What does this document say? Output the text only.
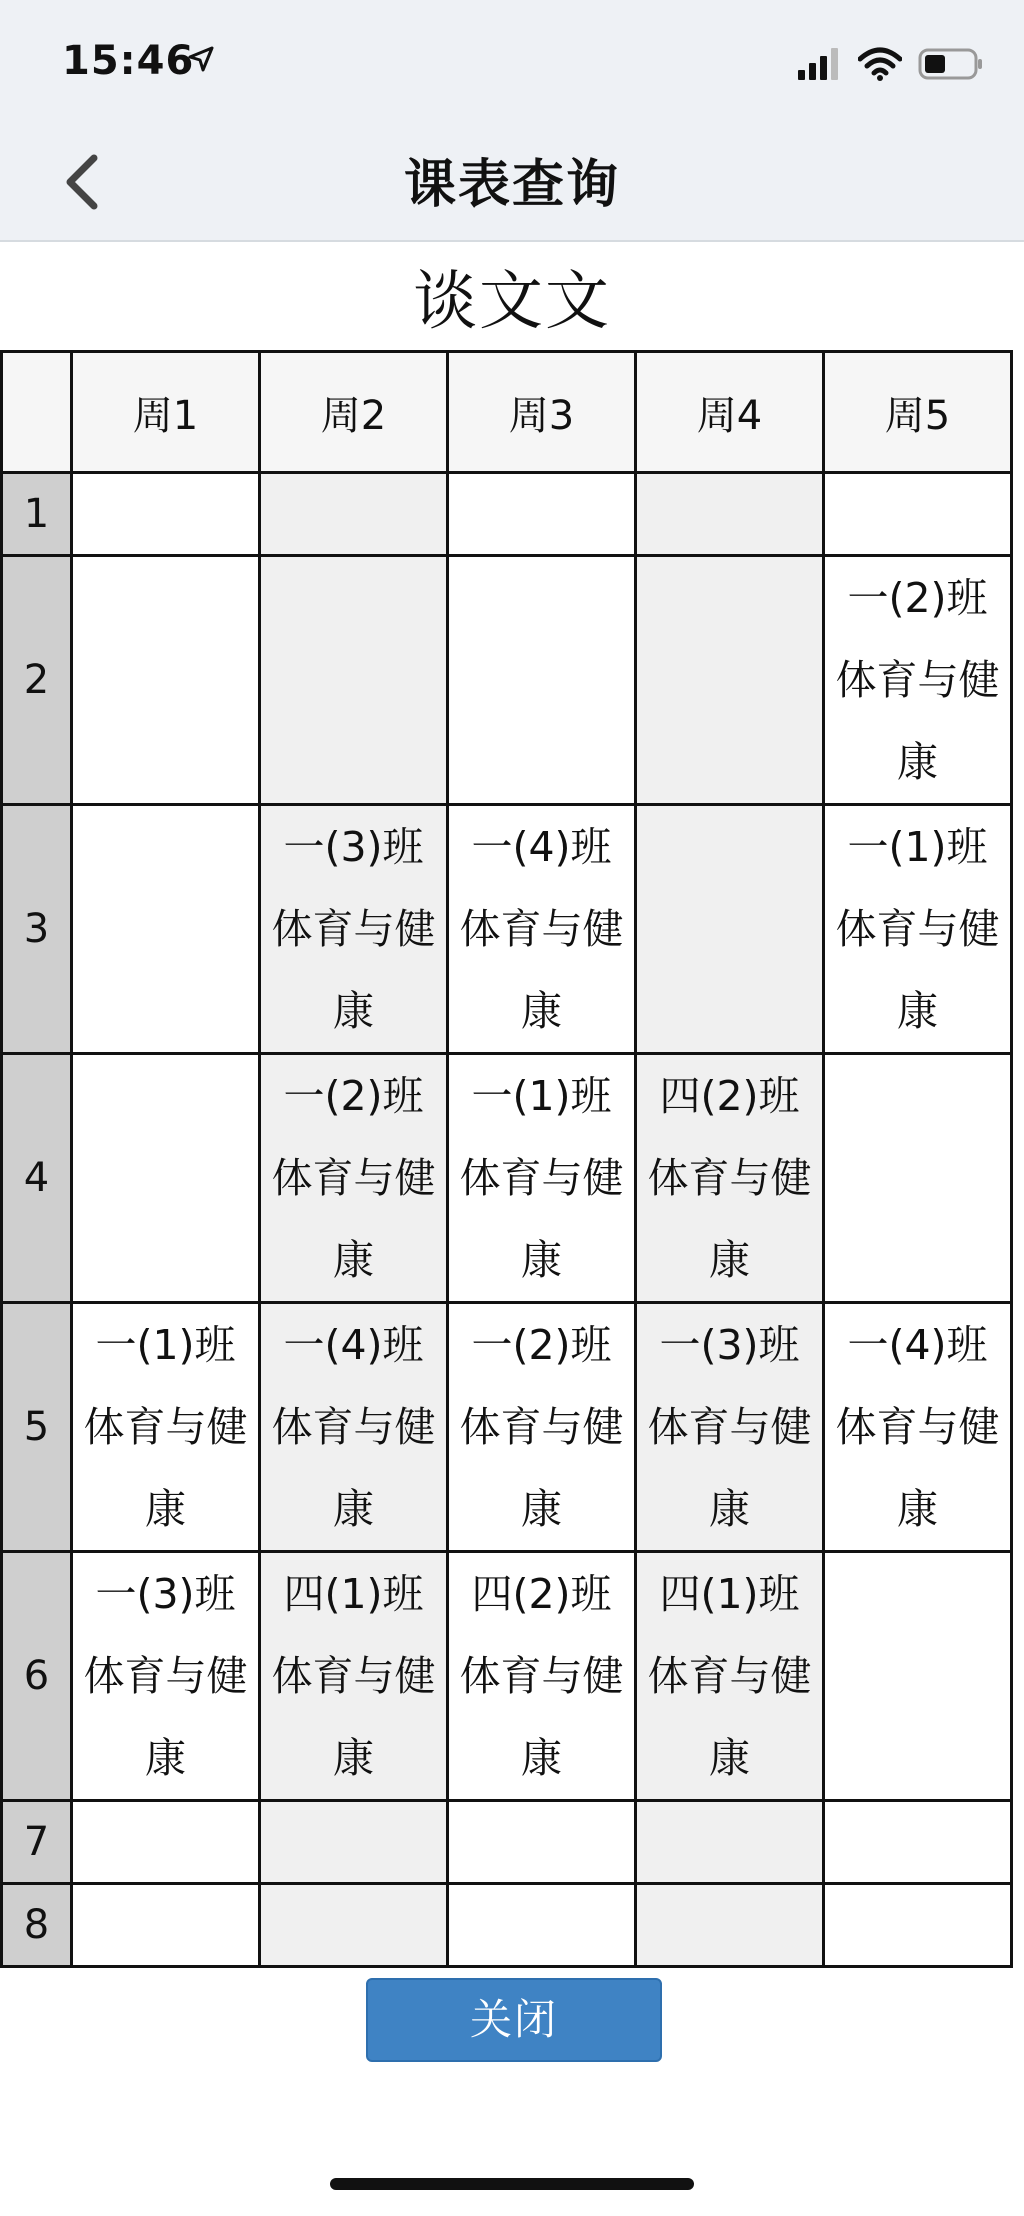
15:46
课表查询
谈文文
	周1	周2	周3	周4	周5
1					
2					一(2)班
体育与健
康

3		一(3)班
体育与健
康	一(4)班
体育与健
康		一(1)班
体育与健
康

4		一(2)班
体育与健
康	一(1)班
体育与健
康	四(2)班
体育与健
康	

5	一(1)班
体育与健
康	一(4)班
体育与健
康	一(2)班
体育与健
康	一(3)班
体育与健
康	一(4)班
体育与健
康

6	一(3)班
体育与健
康	四(1)班
体育与健
康	四(2)班
体育与健
康	四(1)班
体育与健
康	

7					
8					
关闭
